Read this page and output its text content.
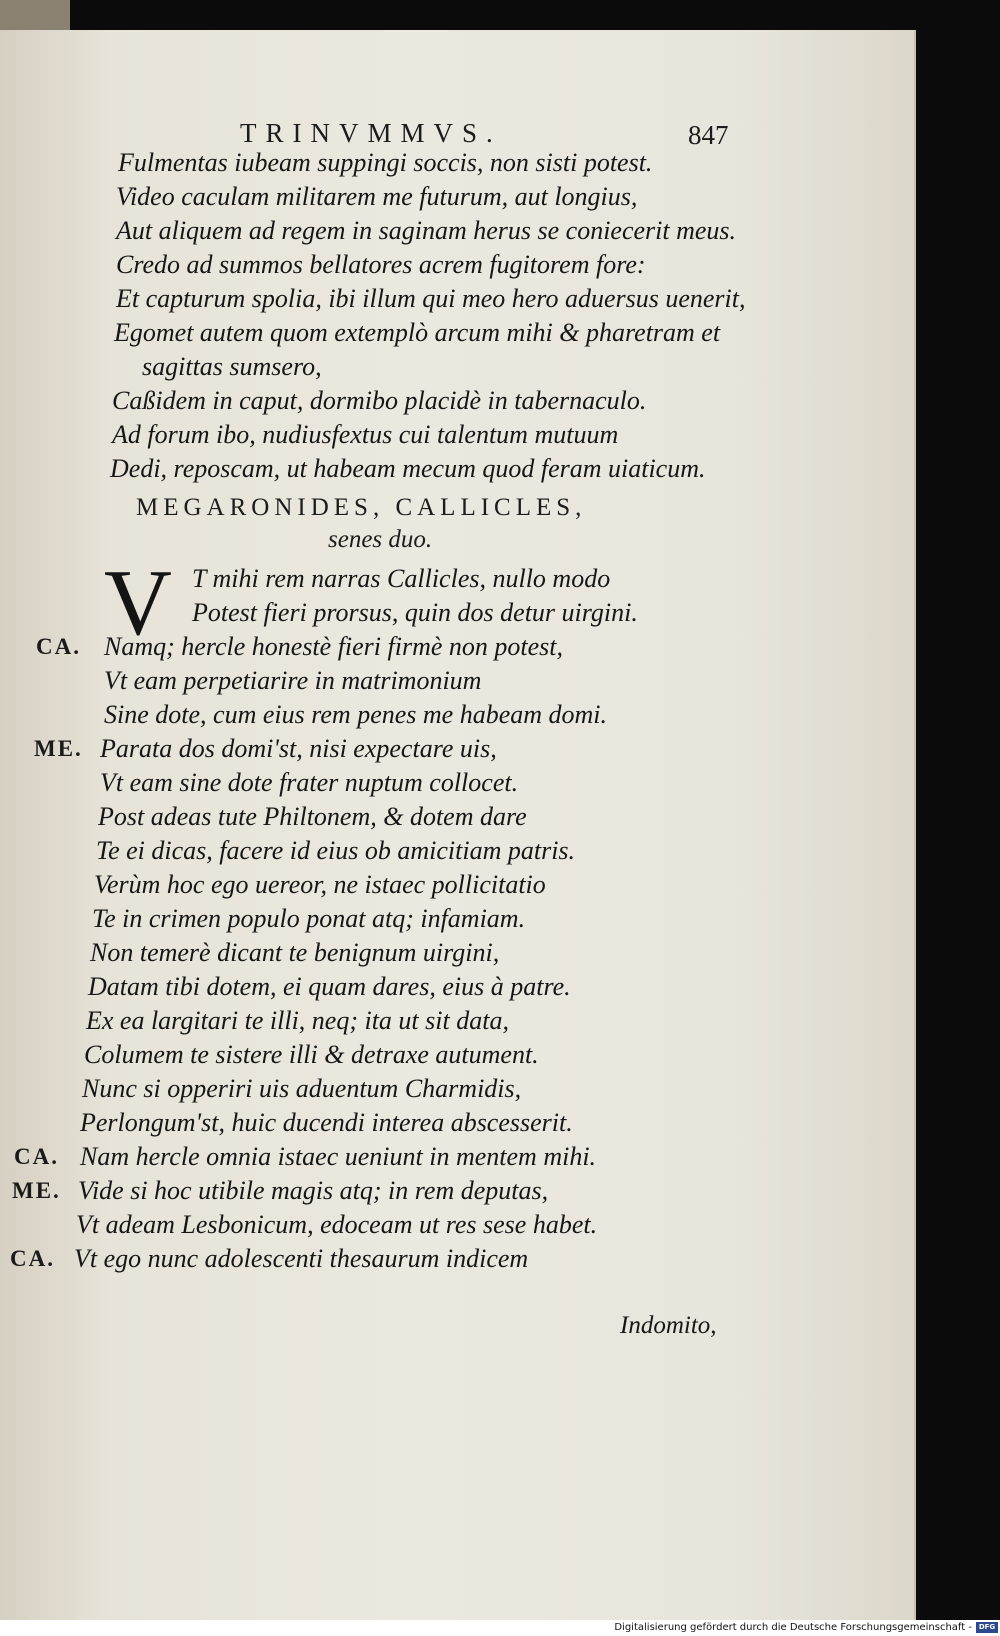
TRINVMMVS.	847
Fulmentas iubeam suppingi soccis, non sisti potest.
Video caculam militarem me futurum, aut longius,
Aut aliquem ad regem in saginam herus se coniecerit meus.
Credo ad summos bellatores acrem fugitorem fore:
Et capturum spolia, ibi illum qui meo hero aduersus uenerit,
Egomet autem quom extemplò arcum mihi & pharetram et
sagittas sumsero,
Caßidem in caput, dormibo placidè in tabernaculo.
Ad forum ibo, nudiusfextus cui talentum mutuum
Dedi, reposcam, ut habeam mecum quod feram uiaticum.
MEGARONIDES, CALLICLES,
senes duo.
V T mihi rem narras Callicles, nullo modo
Potest fieri prorsus, quin dos detur uirgini.
CA. Namq; hercle honestè fieri firmè non potest,
Vt eam perpetiarire in matrimonium
Sine dote, cum eius rem penes me habeam domi.
ME. Parata dos domi'st, nisi expectare uis,
Vt eam sine dote frater nuptum collocet.
Post adeas tute Philtonem, & dotem dare
Te ei dicas, facere id eius ob amicitiam patris.
Verùm hoc ego uereor, ne istaec pollicitatio
Te in crimen populo ponat atq; infamiam.
Non temerè dicant te benignum uirgini,
Datam tibi dotem, ei quam dares, eius à patre.
Ex ea largitari te illi, neq; ita ut sit data,
Columem te sistere illi & detraxe autument.
Nunc si opperiri uis aduentum Charmidis,
Perlongum'st, huic ducendi interea abscesserit.
CA. Nam hercle omnia istaec ueniunt in mentem mihi.
ME. Vide si hoc utibile magis atq; in rem deputas,
Vt adeam Lesbonicum, edoceam ut res sese habet.
CA. Vt ego nunc adolescenti thesaurum indicem
Indomito,
Digitalisierung gefördert durch die Deutsche Forschungsgemeinschaft - DFG
